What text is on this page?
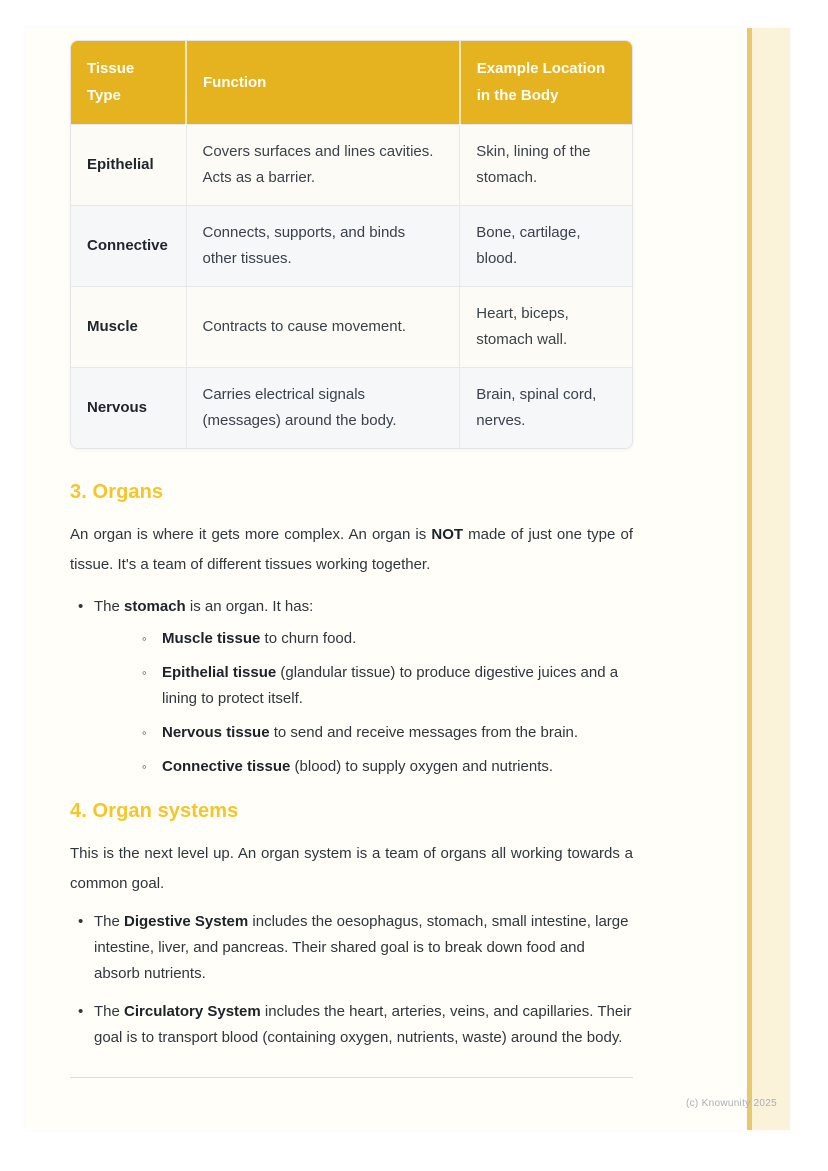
Tissue Type	Function	Example Location in the Body
Epithelial	Covers surfaces and lines cavities. Acts as a barrier.	Skin, lining of the stomach.
Connective	Connects, supports, and binds other tissues.	Bone, cartilage, blood.
Muscle	Contracts to cause movement.	Heart, biceps, stomach wall.
Nervous	Carries electrical signals (messages) around the body.	Brain, spinal cord, nerves.
3. Organs

An organ is where it gets more complex. An organ is NOT made of just one type of tissue. It's a team of different tissues working together.

• The stomach is an organ. It has:
◦ Muscle tissue to churn food.
◦ Epithelial tissue (glandular tissue) to produce digestive juices and a lining to protect itself.
◦ Nervous tissue to send and receive messages from the brain.
◦ Connective tissue (blood) to supply oxygen and nutrients.
4. Organ systems

This is the next level up. An organ system is a team of organs all working towards a common goal.

• The Digestive System includes the oesophagus, stomach, small intestine, large intestine, liver, and pancreas. Their shared goal is to break down food and absorb nutrients.
• The Circulatory System includes the heart, arteries, veins, and capillaries. Their goal is to transport blood (containing oxygen, nutrients, waste) around the body.
(c) Knowunity 2025
